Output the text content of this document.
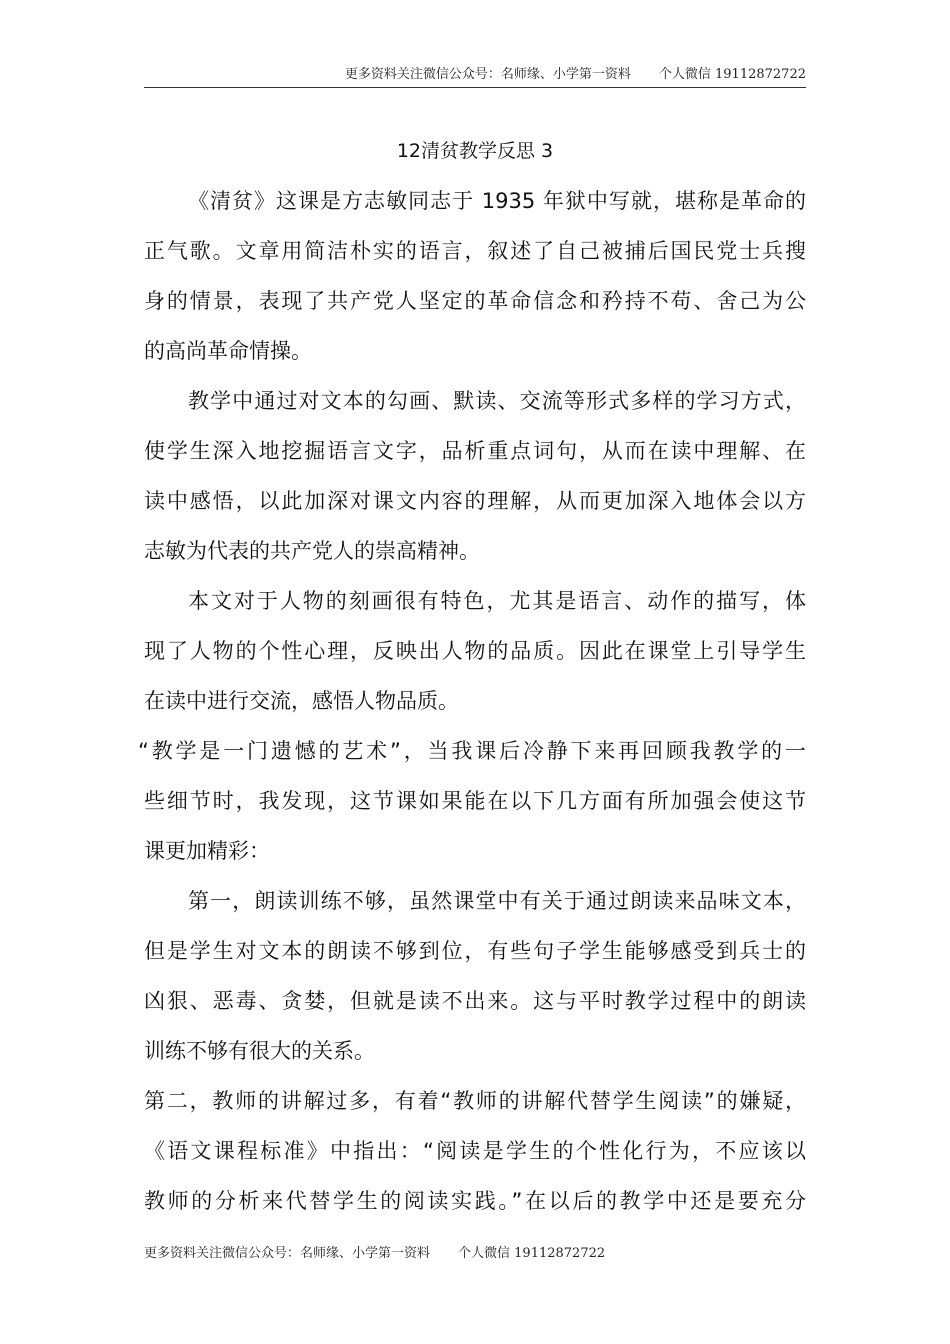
更多资料关注微信公众号：名师缘、小学第一资料 个人微信 19112872722
12清贫教学反思 3
《清贫》这课是方志敏同志于 1935 年狱中写就，堪称是革命的
正气歌。文章用简洁朴实的语言，叙述了自己被捕后国民党士兵搜
身的情景，表现了共产党人坚定的革命信念和矜持不苟、舍己为公
的高尚革命情操。
教学中通过对文本的勾画、默读、交流等形式多样的学习方式，
使学生深入地挖掘语言文字，品析重点词句，从而在读中理解、在
读中感悟，以此加深对课文内容的理解，从而更加深入地体会以方
志敏为代表的共产党人的崇高精神。
本文对于人物的刻画很有特色，尤其是语言、动作的描写，体
现了人物的个性心理，反映出人物的品质。因此在课堂上引导学生
在读中进行交流，感悟人物品质。
“教学是一门遗憾的艺术”，当我课后冷静下来再回顾我教学的一
些细节时，我发现，这节课如果能在以下几方面有所加强会使这节
课更加精彩：
第一，朗读训练不够，虽然课堂中有关于通过朗读来品味文本，
但是学生对文本的朗读不够到位，有些句子学生能够感受到兵士的
凶狠、恶毒、贪婪，但就是读不出来。这与平时教学过程中的朗读
训练不够有很大的关系。
第二，教师的讲解过多，有着“教师的讲解代替学生阅读”的嫌疑，
《语文课程标准》中指出：“阅读是学生的个性化行为，不应该以
教师的分析来代替学生的阅读实践。”在以后的教学中还是要充分
更多资料关注微信公众号：名师缘、小学第一资料 个人微信 19112872722
